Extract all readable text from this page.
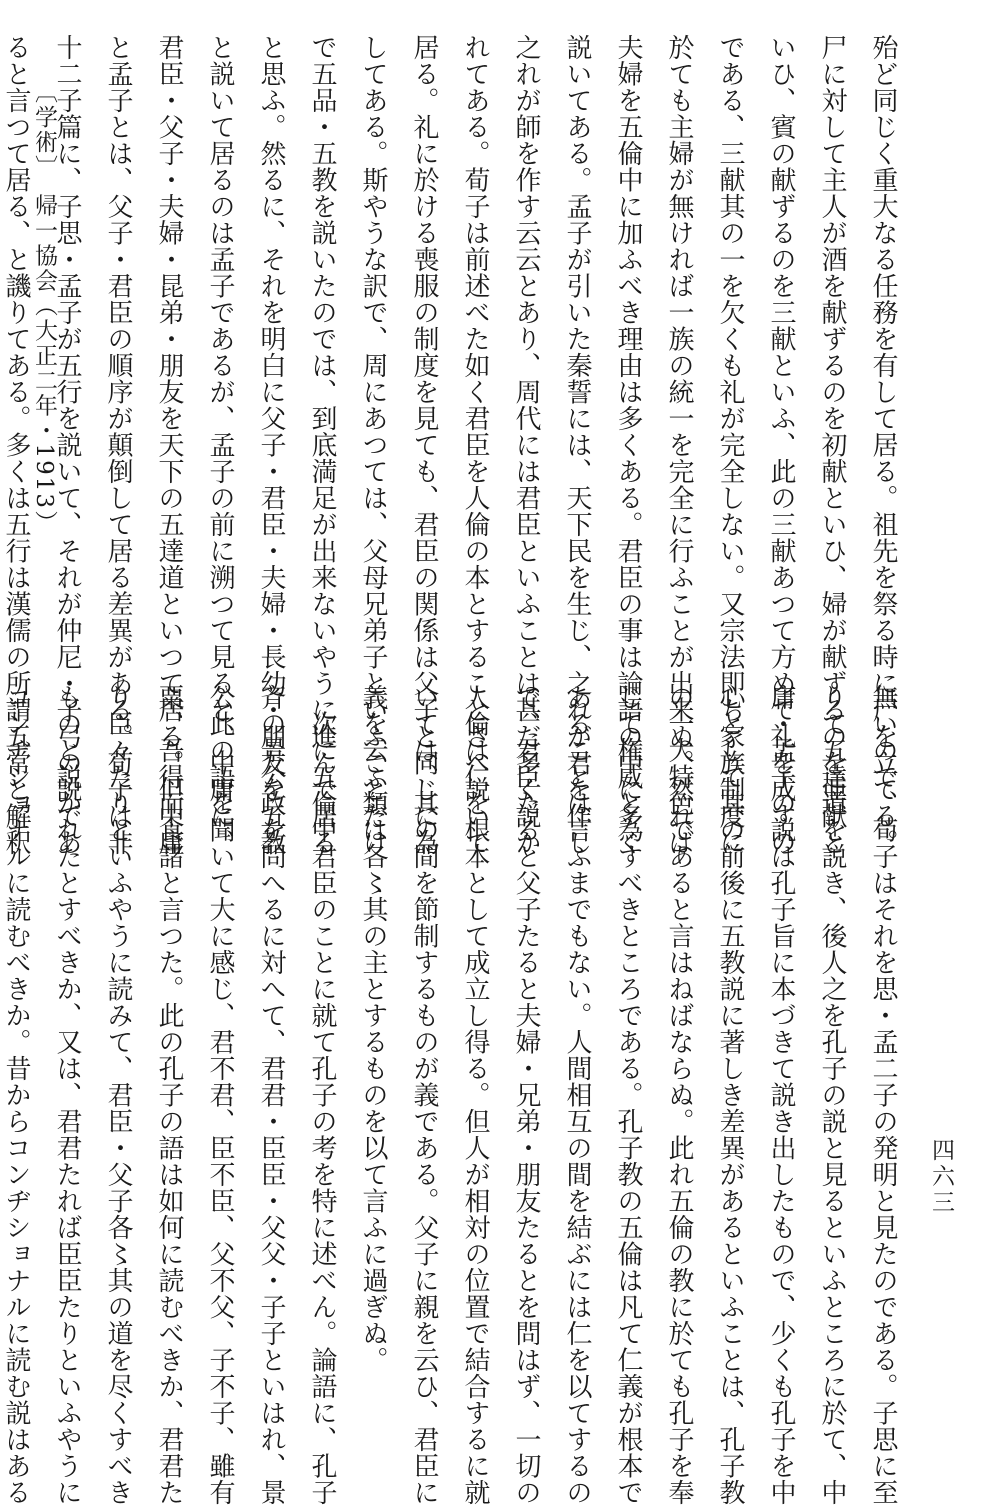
殆ど同じく重大なる任務を有して居る。祖先を祭る時に尸を立てる。

尸に対して主人が酒を献ずるのを初献といひ、婦が献ずるのを亜献と

いひ、賓の献ずるのを三献といふ、此の三献あつて方めて礼を成すの

である、三献其の一を欠くも礼が完全しない。又宗法即ち家族制度に

於ても主婦が無ければ一族の統一を完全に行ふことが出来ぬ。然れば

夫婦を五倫中に加ふべき理由は多くある。君臣の事は論語の中に多く

説いてある。孟子が引いた秦誓には、天下民を生じ、之れが君を作し

之れが師を作す云云とあり、周代には君臣といふことは甚だ多く説か

れてある。荀子は前述べた如く君臣を人倫の本とすることさへ説いて

居る。礼に於ける喪服の制度を見ても、君臣の関係は父子と同じに為

してある。斯やうな訳で、周にあつては、父母兄弟子といふことだけ

で五品・五教を説いたのでは、到底満足が出来ないやうに進んで居る

と思ふ。然るに、それを明白に父子・君臣・夫婦・長幼・朋友を五教

と説いて居るのは孟子であるが、孟子の前に溯つて見ると、中庸に、

君臣・父子・夫婦・昆弟・朋友を天下の五達道といつて居る。但中庸

と孟子とは、父子・君臣の順序が顛倒して居る差異がある。荀子は非

十二子篇に、子思・孟子が五行を説いて、それが仲尼・子弓の説であ

ると言つて居る、と譏りてある。多くは五行は漢儒の所謂五常と解釈

無いので、荀子はそれを思・孟二子の発明と見たのである。子思に至

りて五達道を説き、後人之を孔子の説と見るといふところに於て、中

庸・孟子の説は孔子旨に本づきて説き出したもので、少くも孔子を中

心として其の前後に五教説に著しき差異があるといふことは、孔子教

の一大特色であると言はねばならぬ。此れ五倫の教に於ても孔子を奉

じて権威と為すべきところである。孔子教の五倫は凡て仁義が根本で

あることは言ふまでもない。人間相互の間を結ぶには仁を以てするの

で、君臣たると父子たると夫婦・兄弟・朋友たるとを問はず、一切の

人倫は仁を根本として成立し得る。但人が相対の位置で結合するに就

いては、其の間を節制するものが義である。父子に親を云ひ、君臣に

義を云ふ類は各〻其の主とするものを以て言ふに過ぎぬ。

　次に五倫中君臣のことに就て孔子の考を特に述べん。論語に、孔子

斉の景公政を問へるに対へて、君君・臣臣・父父・子子といはれ、景

公此の語を聞いて大に感じ、君不君、臣不臣、父不父、子不子、雖有

粟、吾得而食諸と言つた。此の孔子の語は如何に読むべきか、君君た

り臣々たりといふやうに読みて、君臣・父子各〻其の道を尽くすべき

ものと説かれたとすべきか、又は、君君たれば臣臣たりといふやうに

コンヂショナルに読むべきか。昔からコンヂショナルに読む説はある

〔学術〕　帰一協会（大正二年・1913）
四六三
